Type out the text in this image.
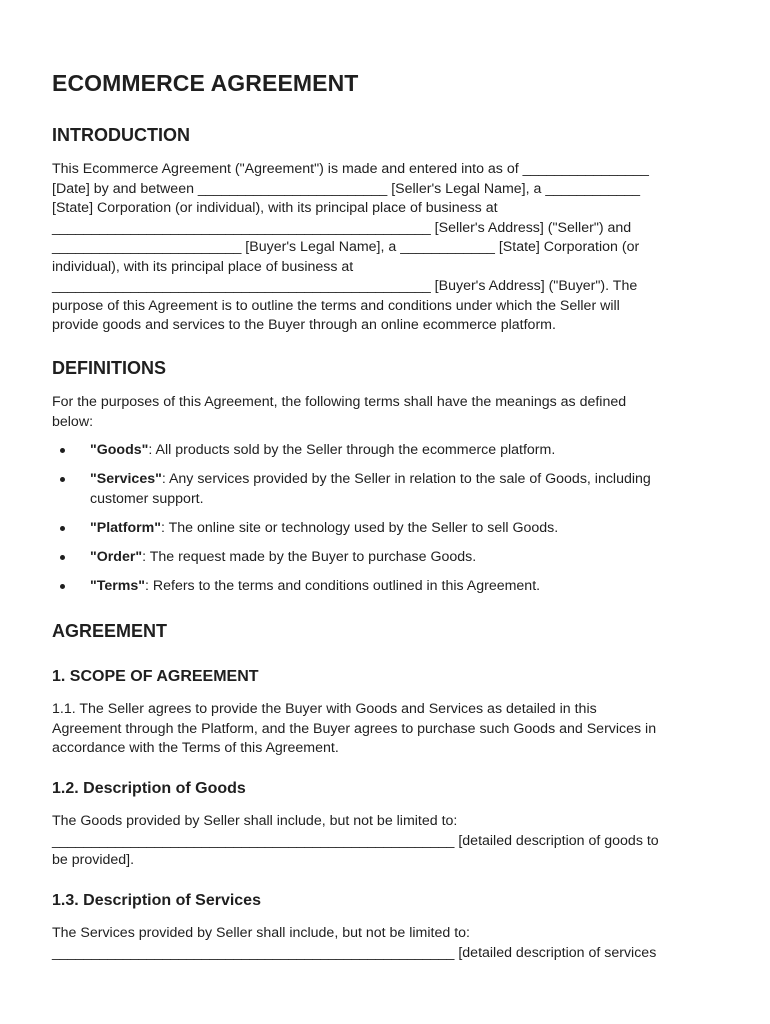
ECOMMERCE AGREEMENT
INTRODUCTION
This Ecommerce Agreement ("Agreement") is made and entered into as of ________________
[Date] by and between ________________________ [Seller's Legal Name], a ____________
[State] Corporation (or individual), with its principal place of business at
________________________________________________ [Seller's Address] ("Seller") and
________________________ [Buyer's Legal Name], a ____________ [State] Corporation (or
individual), with its principal place of business at
________________________________________________ [Buyer's Address] ("Buyer"). The
purpose of this Agreement is to outline the terms and conditions under which the Seller will
provide goods and services to the Buyer through an online ecommerce platform.
DEFINITIONS
For the purposes of this Agreement, the following terms shall have the meanings as defined
below:
"Goods": All products sold by the Seller through the ecommerce platform.
"Services": Any services provided by the Seller in relation to the sale of Goods, including
customer support.
"Platform": The online site or technology used by the Seller to sell Goods.
"Order": The request made by the Buyer to purchase Goods.
"Terms": Refers to the terms and conditions outlined in this Agreement.
AGREEMENT
1. SCOPE OF AGREEMENT
1.1. The Seller agrees to provide the Buyer with Goods and Services as detailed in this
Agreement through the Platform, and the Buyer agrees to purchase such Goods and Services in
accordance with the Terms of this Agreement.
1.2. Description of Goods
The Goods provided by Seller shall include, but not be limited to:
___________________________________________________ [detailed description of goods to
be provided].
1.3. Description of Services
The Services provided by Seller shall include, but not be limited to:
___________________________________________________ [detailed description of services
